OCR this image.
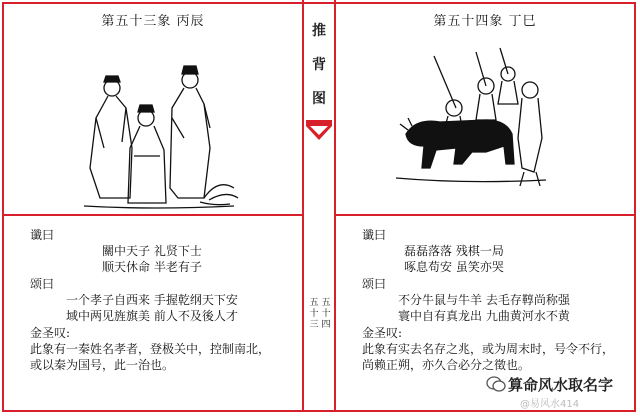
推
背
图
五
十
四
五
十
三
第五十三象 丙辰
谶曰
關中天子 礼贤下士
顺天休命 半老有子
颂曰
一个孝子自西来 手握乾纲天下安
域中两见旌旗美 前人不及後人才
金圣叹:
此象有一秦姓名孝者，登极关中，控制南北，
或以秦为国号，此一治也。
第五十四象 丁巳
谶曰
磊磊落落 残棋一局
啄息苟安 虽笑亦哭
颂曰
不分牛鼠与牛羊 去毛存鞟尚称强
寰中自有真龙出 九曲黄河水不黄
金圣叹:
此象有实去名存之兆，或为周末时，号令不行，
尚赖正朔，亦久合必分之徵也。
算命风水取名字
@易风水414
